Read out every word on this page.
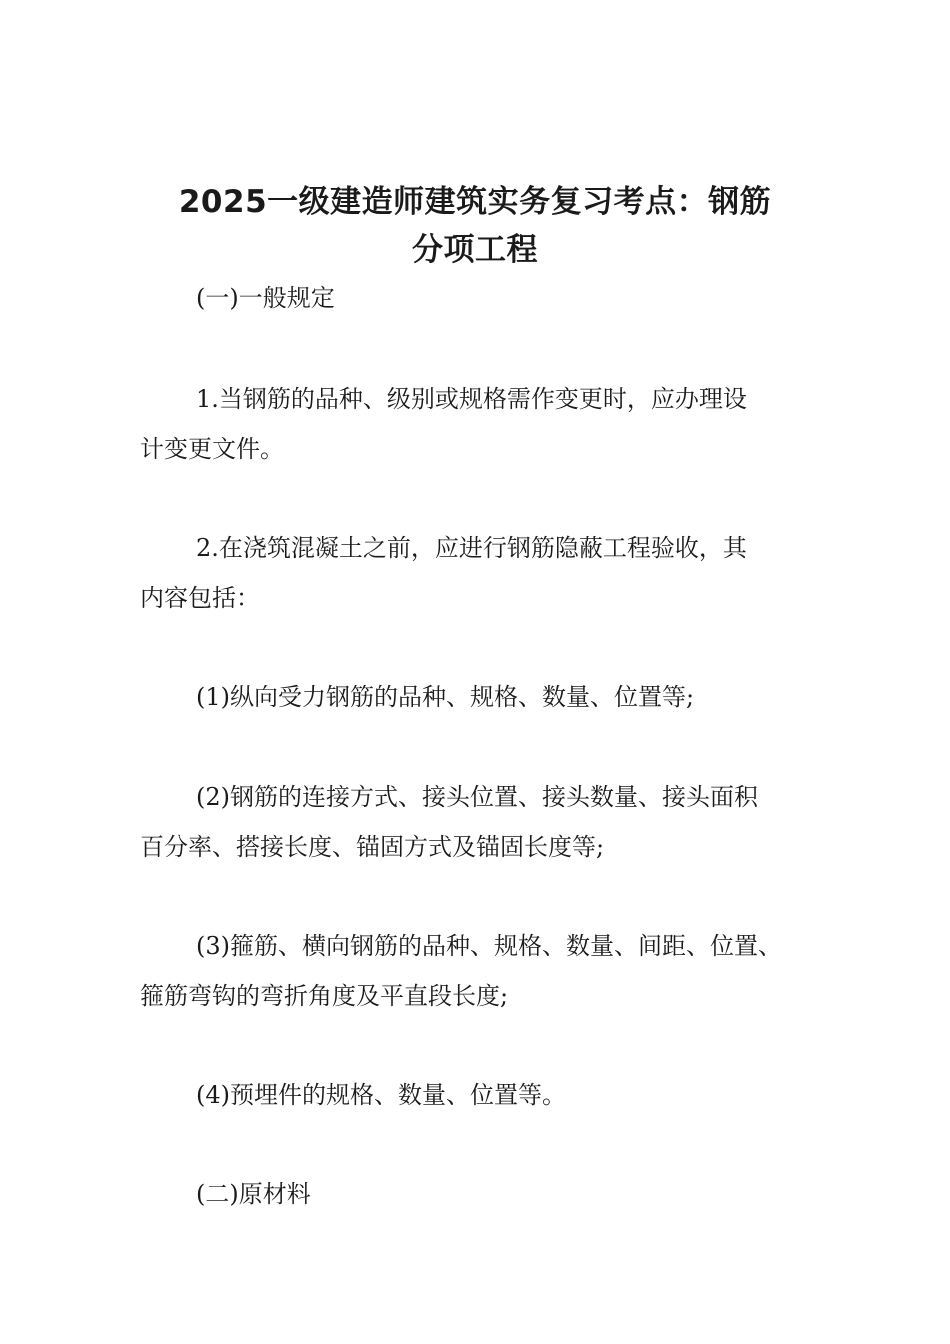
2025一级建造师建筑实务复习考点：钢筋
分项工程

(一)一般规定

1.当钢筋的品种、级别或规格需作变更时，应办理设

计变更文件。

2.在浇筑混凝土之前，应进行钢筋隐蔽工程验收，其

内容包括：

(1)纵向受力钢筋的品种、规格、数量、位置等;

(2)钢筋的连接方式、接头位置、接头数量、接头面积

百分率、搭接长度、锚固方式及锚固长度等;

(3)箍筋、横向钢筋的品种、规格、数量、间距、位置、

箍筋弯钩的弯折角度及平直段长度;

(4)预埋件的规格、数量、位置等。

(二)原材料
